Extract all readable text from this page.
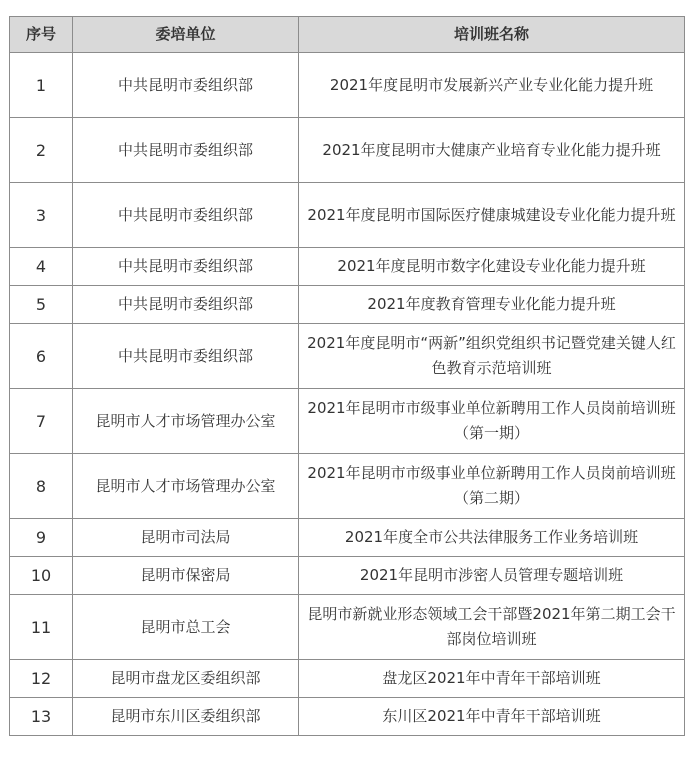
序号	委培单位	培训班名称
1	中共昆明市委组织部	2021年度昆明市发展新兴产业专业化能力提升班
2	中共昆明市委组织部	2021年度昆明市大健康产业培育专业化能力提升班
3	中共昆明市委组织部	2021年度昆明市国际医疗健康城建设专业化能力提升班
4	中共昆明市委组织部	2021年度昆明市数字化建设专业化能力提升班
5	中共昆明市委组织部	2021年度教育管理专业化能力提升班
6	中共昆明市委组织部	2021年度昆明市“两新”组织党组织书记暨党建关键人红色教育示范培训班
7	昆明市人才市场管理办公室	2021年昆明市市级事业单位新聘用工作人员岗前培训班（第一期）
8	昆明市人才市场管理办公室	2021年昆明市市级事业单位新聘用工作人员岗前培训班（第二期）
9	昆明市司法局	2021年度全市公共法律服务工作业务培训班
10	昆明市保密局	2021年昆明市涉密人员管理专题培训班
11	昆明市总工会	昆明市新就业形态领域工会干部暨2021年第二期工会干部岗位培训班
12	昆明市盘龙区委组织部	盘龙区2021年中青年干部培训班
13	昆明市东川区委组织部	东川区2021年中青年干部培训班
